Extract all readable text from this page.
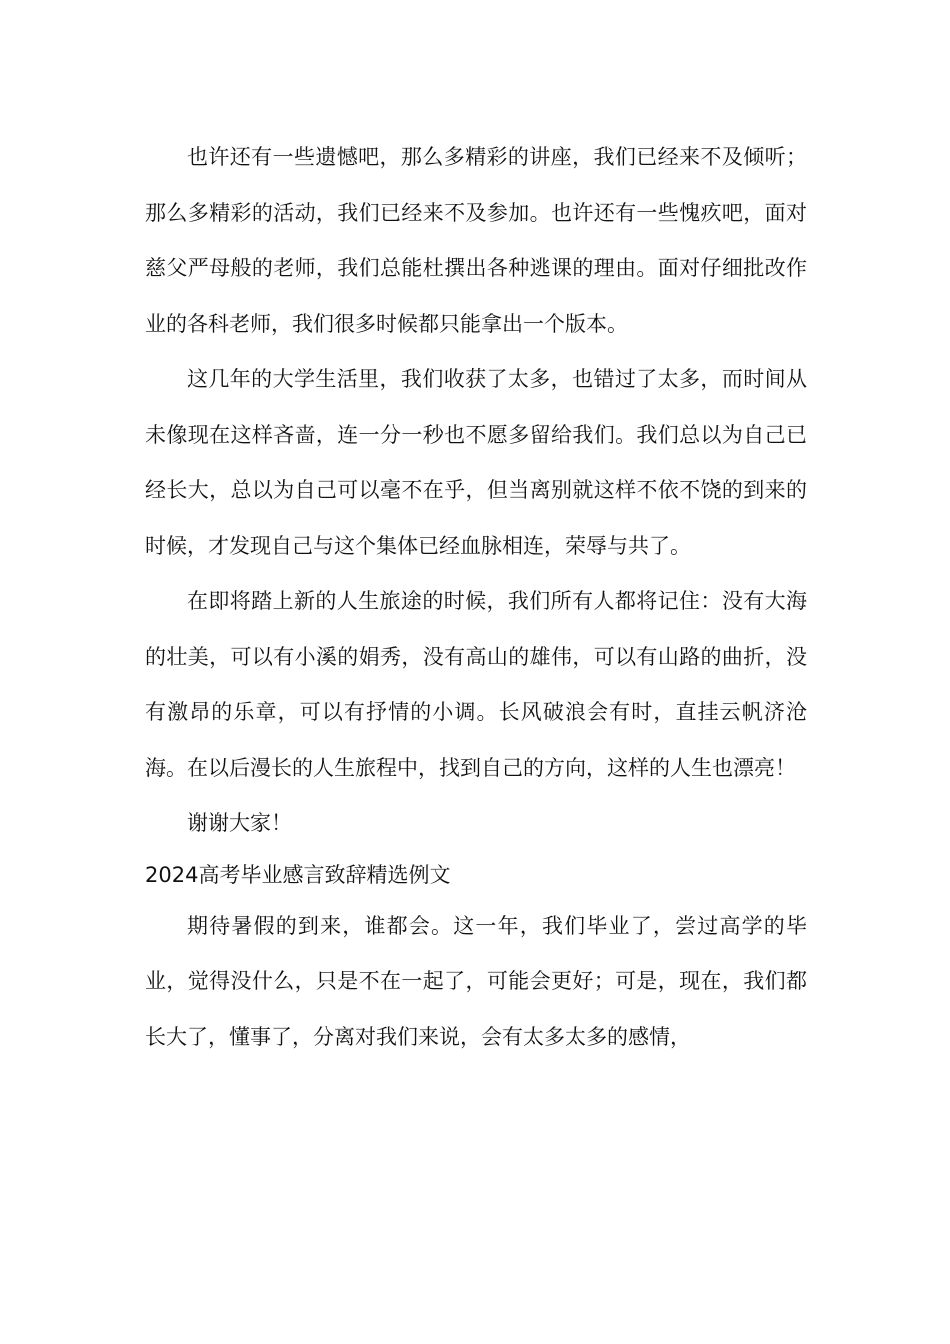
也许还有一些遗憾吧，那么多精彩的讲座，我们已经来不及倾听；那么多精彩的活动，我们已经来不及参加。也许还有一些愧疚吧，面对慈父严母般的老师，我们总能杜撰出各种逃课的理由。面对仔细批改作业的各科老师，我们很多时候都只能拿出一个版本。

这几年的大学生活里，我们收获了太多，也错过了太多，而时间从未像现在这样吝啬，连一分一秒也不愿多留给我们。我们总以为自己已经长大，总以为自己可以毫不在乎，但当离别就这样不依不饶的到来的时候，才发现自己与这个集体已经血脉相连，荣辱与共了。

在即将踏上新的人生旅途的时候，我们所有人都将记住：没有大海的壮美，可以有小溪的娟秀，没有高山的雄伟，可以有山路的曲折，没有激昂的乐章，可以有抒情的小调。长风破浪会有时，直挂云帆济沧海。在以后漫长的人生旅程中，找到自己的方向，这样的人生也漂亮！

谢谢大家！

2024高考毕业感言致辞精选例文

期待暑假的到来，谁都会。这一年，我们毕业了，尝过高学的毕业，觉得没什么，只是不在一起了，可能会更好；可是，现在，我们都长大了，懂事了，分离对我们来说，会有太多太多的感情，
